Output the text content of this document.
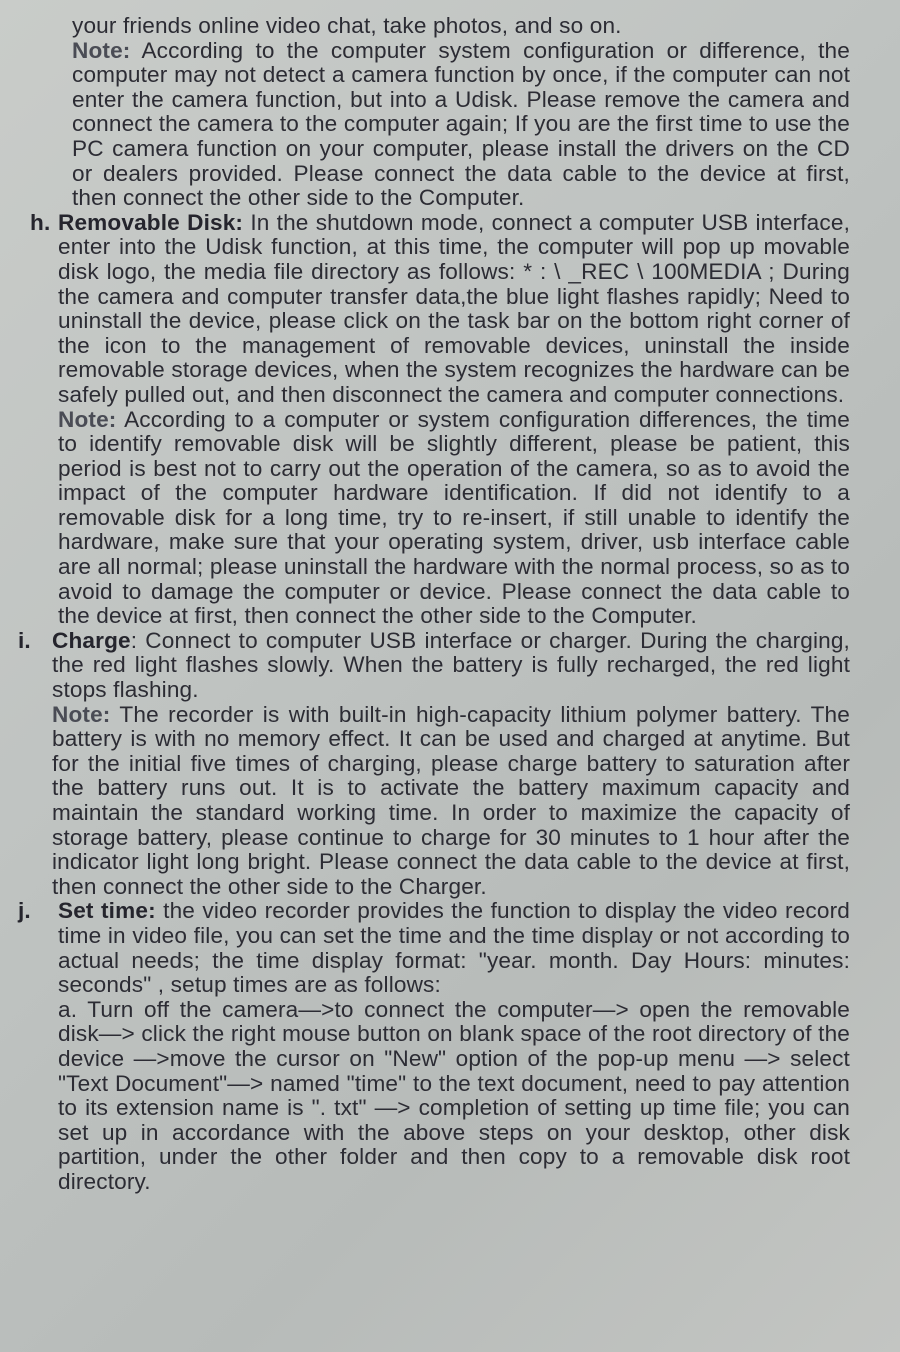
your friends online video chat, take photos, and so on.

Note: According to the computer system configuration or difference, the computer may not detect a camera function by once, if the computer can not enter the camera function, but into a Udisk. Please remove the camera and connect the camera to the computer again; If you are the first time to use the PC camera function on your computer, please install the drivers on the CD or dealers provided. Please connect the data cable to the device at first, then connect the other side to the Computer.

h. Removable Disk: In the shutdown mode, connect a computer USB interface, enter into the Udisk function, at this time, the computer will pop up movable disk logo, the media file directory as follows: * : \ _REC \ 100MEDIA ; During the camera and computer transfer data,the blue light flashes rapidly; Need to uninstall the device, please click on the task bar on the bottom right corner of the icon to the management of removable devices, uninstall the inside removable storage devices, when the system recognizes the hardware can be safely pulled out, and then disconnect the camera and computer connections.

Note: According to a computer or system configuration differences, the time to identify removable disk will be slightly different, please be patient, this period is best not to carry out the operation of the camera, so as to avoid the impact of the computer hardware identification. If did not identify to a removable disk for a long time, try to re-insert, if still unable to identify the hardware, make sure that your operating system, driver, usb interface cable are all normal; please uninstall the hardware with the normal process, so as to avoid to damage the computer or device. Please connect the data cable to the device at first, then connect the other side to the Computer.

i. Charge: Connect to computer USB interface or charger. During the charging, the red light flashes slowly. When the battery is fully recharged, the red light stops flashing.

Note: The recorder is with built-in high-capacity lithium polymer battery. The battery is with no memory effect. It can be used and charged at anytime. But for the initial five times of charging, please charge battery to saturation after the battery runs out. It is to activate the battery maximum capacity and maintain the standard working time. In order to maximize the capacity of storage battery, please continue to charge for 30 minutes to 1 hour after the indicator light long bright. Please connect the data cable to the device at first, then connect the other side to the Charger.

j. Set time: the video recorder provides the function to display the video record time in video file, you can set the time and the time display or not according to actual needs; the time display format: "year. month. Day Hours: minutes: seconds" , setup times are as follows:

a. Turn off the camera—>to connect the computer—> open the removable disk—> click the right mouse button on blank space of the root directory of the device —>move the cursor on "New" option of the pop-up menu —> select "Text Document"—> named "time" to the text document, need to pay attention to its extension name is ". txt" —> completion of setting up time file; you can set up in accordance with the above steps on your desktop, other disk partition, under the other folder and then copy to a removable disk root directory.
